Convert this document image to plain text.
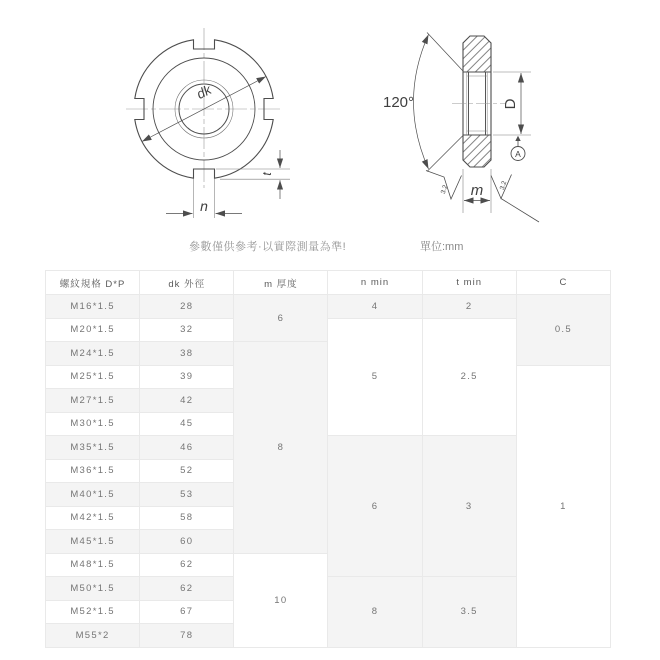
dk
n
t
120°	D
A
m
3.2	3.2
參數僅供參考·以實際測量為準!	單位:mm
螺紋規格 D*P	dk 外徑	m 厚度	n min	t min	C
M16*1.5	28	6	4	2	0.5
M20*1.5	32		5	2.5	
M24*1.5	38	8			
M25*1.5	39				1
M27*1.5	42				
M30*1.5	45				
M35*1.5	46		6	3	
M36*1.5	52				
M40*1.5	53				
M42*1.5	58				
M45*1.5	60				
M48*1.5	62	10			
M50*1.5	62		8	3.5	
M52*1.5	67				
M55*2	78				
